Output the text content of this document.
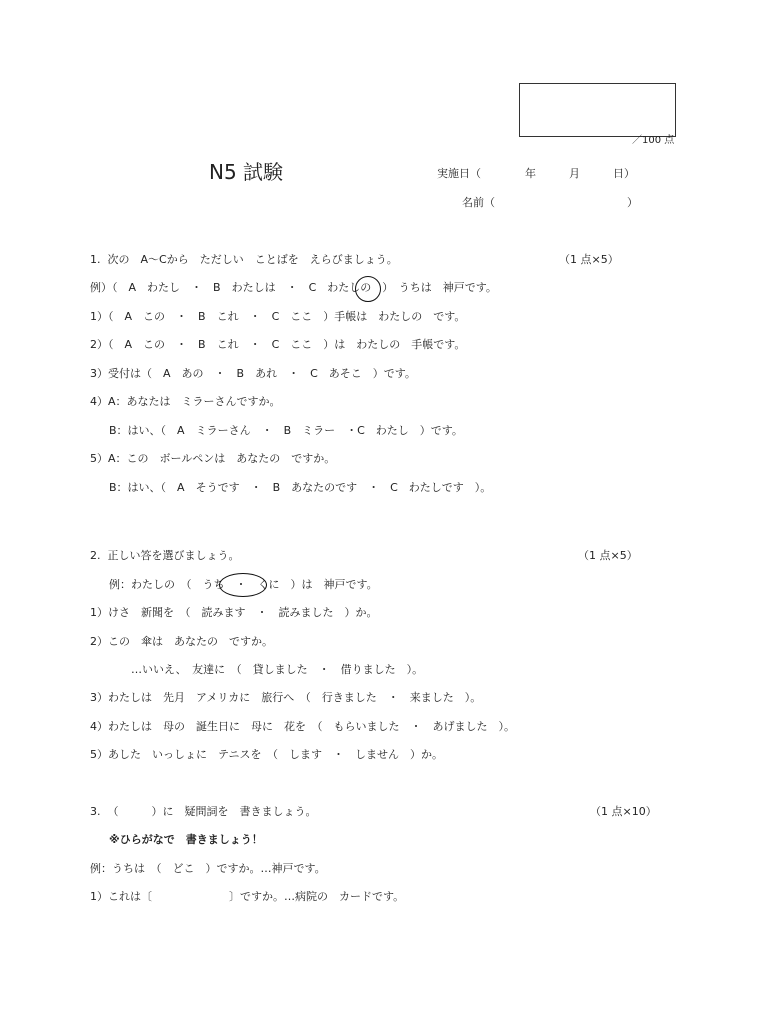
／100 点
N5 試験	実施日（　　　　年　　　月　　　日）
名前（　　　　　　　　　　　　）
1.  次の　A～Cから　ただしい　ことばを　えらびましょう。	（1 点×5）
例）（　A　わたし　・　B　わたしは　・　C　わたしの　）　うちは　神戸です。
1）（　A　この　・　B　これ　・　C　ここ　）手帳は　わたしの　です。
2）（　A　この　・　B　これ　・　C　ここ　）は　わたしの　手帳です。
3）受付は（　A　あの　・　B　あれ　・　C　あそこ　）です。
4）A：あなたは　ミラーさんですか。
B：はい、（　A　ミラーさん　・　B　ミラー　・C　わたし　）です。
5）A：この　ボールペンは　あなたの　ですか。
B：はい、（　A　そうです　・　B　あなたのです　・　C　わたしです　）。
2.  正しい答を選びましょう。	（1 点×5）
例：わたしの　（　うち　・　くに　）は　神戸です。
1）けさ　新聞を　（　読みます　・　読みました　）か。
2）この　傘は　あなたの　ですか。
…いいえ、　友達に　（　貸しました　・　借りました　）。
3）わたしは　先月　アメリカに　旅行へ　（　行きました　・　来ました　）。
4）わたしは　母の　誕生日に　母に　花を　（　もらいました　・　あげました　）。
5）あした　いっしょに　テニスを　（　します　・　しません　）か。
3.  （　　　）に　疑問詞を　書きましょう。	（1 点×10）
※ひらがなで　書きましょう！
例：うちは　（　どこ　）ですか。…神戸です。
1）これは〔　　　　　　　〕ですか。…病院の　カードです。
